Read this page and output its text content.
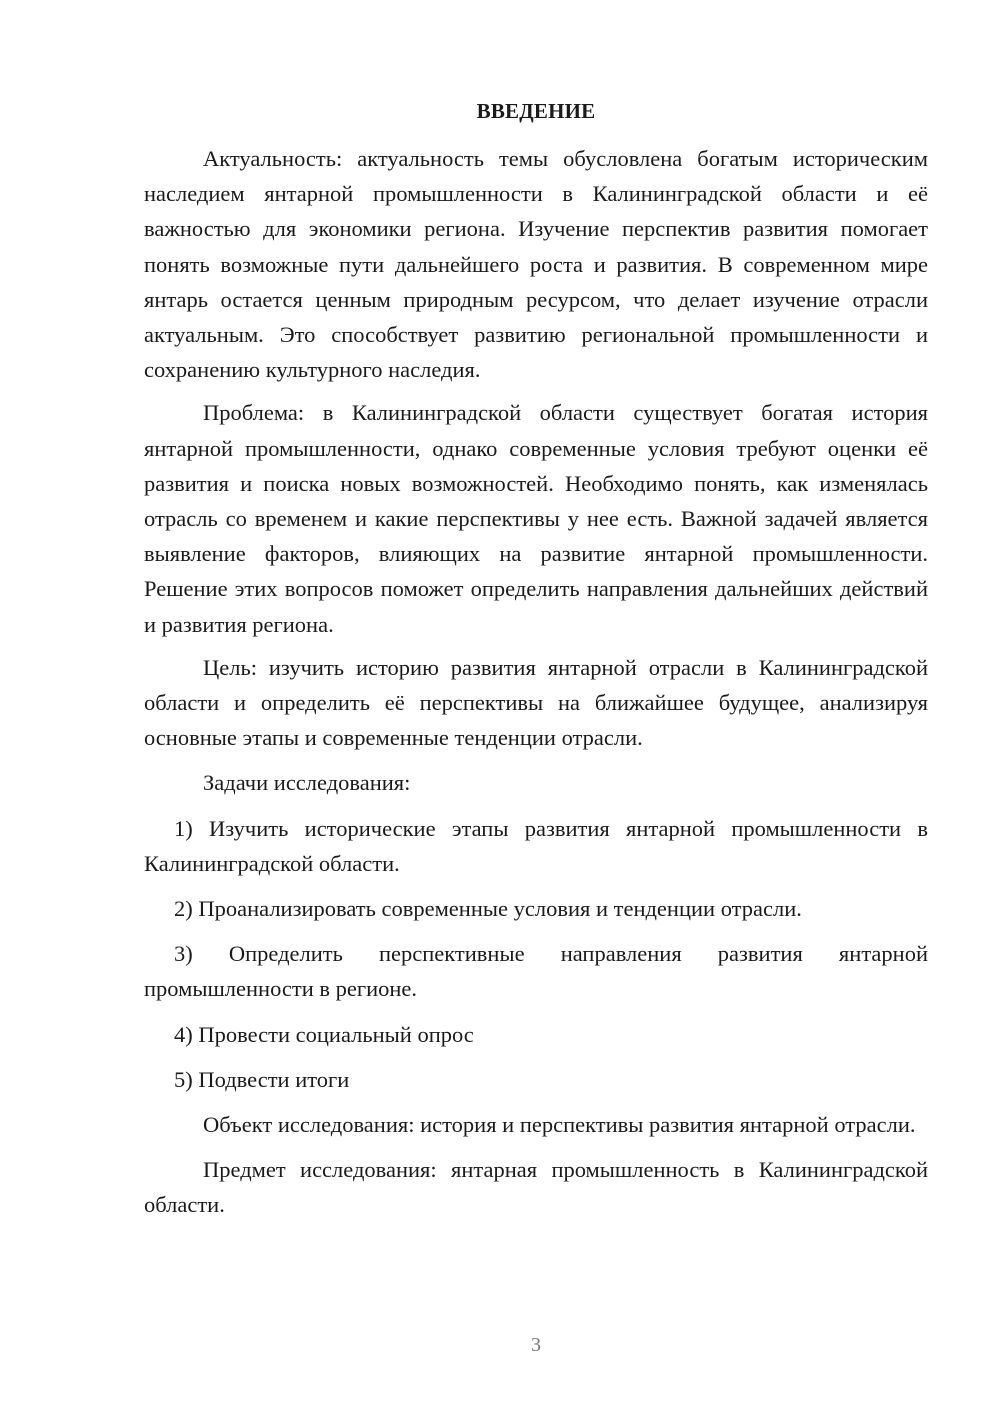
ВВЕДЕНИЕ

Актуальность: актуальность темы обусловлена богатым историческим наследием янтарной промышленности в Калининградской области и её важностью для экономики региона. Изучение перспектив развития помогает понять возможные пути дальнейшего роста и развития. В современном мире янтарь остается ценным природным ресурсом, что делает изучение отрасли актуальным. Это способствует развитию региональной промышленности и сохранению культурного наследия.

Проблема: в Калининградской области существует богатая история янтарной промышленности, однако современные условия требуют оценки её развития и поиска новых возможностей. Необходимо понять, как изменялась отрасль со временем и какие перспективы у нее есть. Важной задачей является выявление факторов, влияющих на развитие янтарной промышленности. Решение этих вопросов поможет определить направления дальнейших действий и развития региона.

Цель: изучить историю развития янтарной отрасли в Калининградской области и определить её перспективы на ближайшее будущее, анализируя основные этапы и современные тенденции отрасли.

Задачи исследования:

1) Изучить исторические этапы развития янтарной промышленности в Калининградской области.

2) Проанализировать современные условия и тенденции отрасли.

3) Определить перспективные направления развития янтарной промышленности в регионе.

4) Провести социальный опрос

5) Подвести итоги

Объект исследования: история и перспективы развития янтарной отрасли.

Предмет исследования: янтарная промышленность в Калининградской области.

3
